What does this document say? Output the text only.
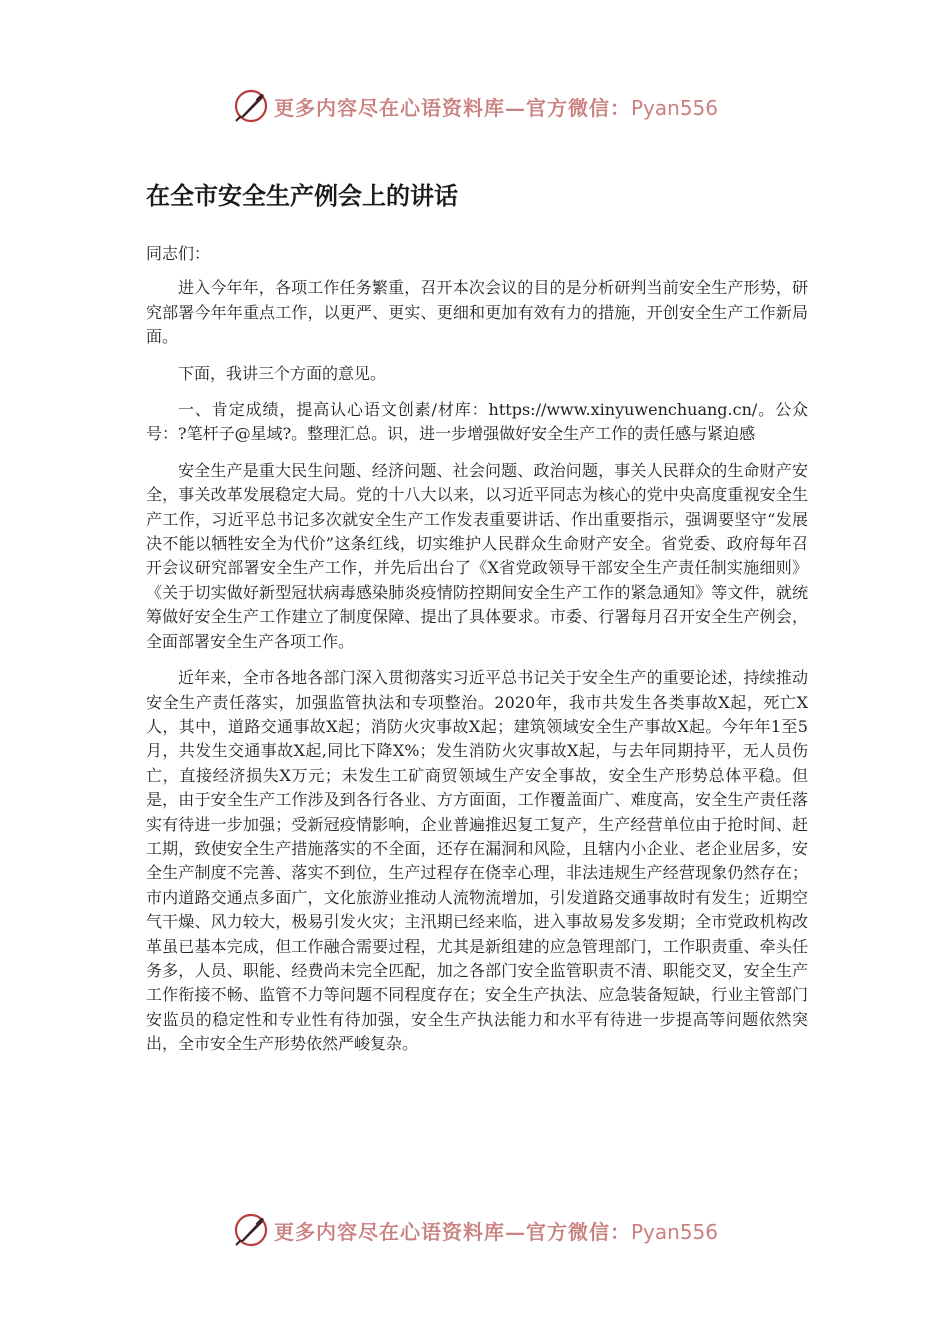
更多内容尽在心语资料库—官方微信：Pyan556
在全市安全生产例会上的讲话

同志们：

进入今年年，各项工作任务繁重，召开本次会议的目的是分析研判当前安全生产形势，研究部署今年年重点工作，以更严、更实、更细和更加有效有力的措施，开创安全生产工作新局面。

下面，我讲三个方面的意见。

一、肯定成绩，提高认心语文创素/材库：https://www.xinyuwenchuang.cn/。公众号：?笔杆子@星域?。整理汇总。识，进一步增强做好安全生产工作的责任感与紧迫感

安全生产是重大民生问题、经济问题、社会问题、政治问题，事关人民群众的生命财产安全，事关改革发展稳定大局。党的十八大以来，以习近平同志为核心的党中央高度重视安全生产工作，习近平总书记多次就安全生产工作发表重要讲话、作出重要指示，强调要坚守“发展决不能以牺牲安全为代价”这条红线，切实维护人民群众生命财产安全。省党委、政府每年召开会议研究部署安全生产工作，并先后出台了《X省党政领导干部安全生产责任制实施细则》《关于切实做好新型冠状病毒感染肺炎疫情防控期间安全生产工作的紧急通知》等文件，就统筹做好安全生产工作建立了制度保障、提出了具体要求。市委、行署每月召开安全生产例会，全面部署安全生产各项工作。

近年来，全市各地各部门深入贯彻落实习近平总书记关于安全生产的重要论述，持续推动安全生产责任落实，加强监管执法和专项整治。2020年，我市共发生各类事故X起，死亡X人，其中，道路交通事故X起；消防火灾事故X起；建筑领域安全生产事故X起。今年年1至5月，共发生交通事故X起,同比下降X%；发生消防火灾事故X起，与去年同期持平，无人员伤亡，直接经济损失X万元；未发生工矿商贸领域生产安全事故，安全生产形势总体平稳。但是，由于安全生产工作涉及到各行各业、方方面面，工作覆盖面广、难度高，安全生产责任落实有待进一步加强；受新冠疫情影响，企业普遍推迟复工复产，生产经营单位由于抢时间、赶工期，致使安全生产措施落实的不全面，还存在漏洞和风险，且辖内小企业、老企业居多，安全生产制度不完善、落实不到位，生产过程存在侥幸心理，非法违规生产经营现象仍然存在；市内道路交通点多面广，文化旅游业推动人流物流增加，引发道路交通事故时有发生；近期空气干燥、风力较大，极易引发火灾；主汛期已经来临，进入事故易发多发期；全市党政机构改革虽已基本完成，但工作融合需要过程，尤其是新组建的应急管理部门，工作职责重、牵头任务多，人员、职能、经费尚未完全匹配，加之各部门安全监管职责不清、职能交叉，安全生产工作衔接不畅、监管不力等问题不同程度存在；安全生产执法、应急装备短缺，行业主管部门安监员的稳定性和专业性有待加强，安全生产执法能力和水平有待进一步提高等问题依然突出，全市安全生产形势依然严峻复杂。

更多内容尽在心语资料库—官方微信：Pyan556
